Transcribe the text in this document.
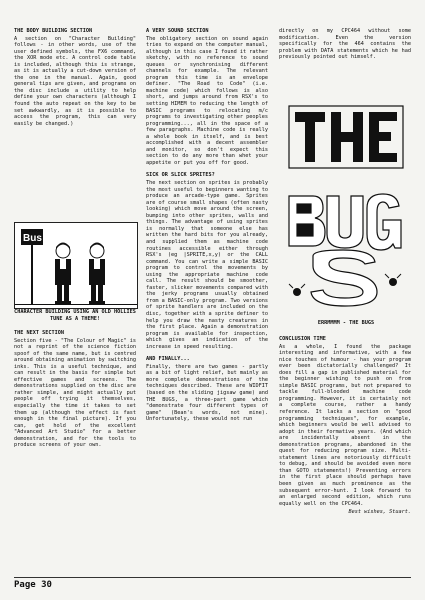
THE BODY BUILDING SECTION

A section on "Character Building" follows - in other words, use of the user defined symbols, the FX6 command, the XOR mode etc. A control code table is included, although this is strange, as it is actually a cut-down version of the one in the manual. Again, good general tips are given, and programs on the disc include a utility to help define your own characters (although I found the auto repeat on the key to be set awkwardly, as it is possible to access the program, this can very easily be changed.)

Bus
CHARACTER BUILDING USING AN OLD HOLLIES TUNE AS A THEME!

THE NEXT SECTION

Section five - "The Colour of Magic" is not a reprint of the science fiction spoof of the same name, but is centred around obtaining animation by switching inks. This is a useful technique, and can result in the basis for simple but effective games and screens. The demonstrations supplied on the disc are rather simple, and might actually put people off trying it themselves, especially the time it takes to set them up (although the effect is fast enough in the final picture). If you can, get hold of the excellent "Advanced Art Studio" for a better demonstration, and for the tools to produce screens of your own.

A VERY SOUND SECTION

The obligatory section on sound again tries to expand on the computer manual, although in this case I found it rather sketchy, with no reference to sound queues or synchronising different channels for example. The relevant program this time is an envelope definer. "The Road to Code" (i.e. machine code) which follows is also short, and jumps around from RSX's to setting HIMEM to reducing the length of BASIC programs to relocating m/c programs to investigating other peoples programming..., all in the space of a few paragraphs. Machine code is really a whole book in itself, and is best accomplished with a decent assembler and monitor, so don't expect this section to do any more than whet your appetite or put you off for good.

SICK OR SLICK SPRITES?

The next section on sprites is probably the most useful to beginners wanting to produce an arcade-type game. Sprites are of course small shapes (often nasty looking) which move around the screen, bumping into other sprites, walls and things. The advantage of using sprites is normally that someone else has written the hard bits for you already, and supplied them as machine code routines accessible either through RSX's (eg |SPRITE,x,y) or the CALL command. You can write a simple BASIC program to control the movements by using the appropriate machine code call. The result should be smoother, faster, slicker movements compared with the jerky programs usually obtained from a BASIC-only program. Two versions of sprite handlers are included on the disc, together with a sprite definer to help you draw the nasty creatures in the first place. Again a demonstration program is available for inspection, which gives an indication of the increase in speed resulting.

AND FINALLY...

Finally, there are two games - partly as a bit of light relief, but mainly as more complete demonstrations of the techniques described. These are WIDFIT (based on the sliding jigsaw game) and THE BUGS, a three-part game which "demonstrate four different types of game" (Bean's words, not mine). Unfortunately, these would not run

directly on my CPC464 without some modification. Even the version specifically for the 464 contains the problem with DATA statements which he had previously pointed out himself.

ERRMMMM - THE BUGS

CONCLUSION TIME

As a whole, I found the package interesting and informative, with a few nice touches of humour - has your program ever been dictatorially challenged? It does fill a gap in published material for the beginner wishing to push on from simple BASIC programs, but not prepared to tackle full-blooded machine code programming. However, it is certainly not a complete course, rather a handy reference. It lacks a section on "good programming techniques", for example, which beginners would be well advised to adopt in their formative years. (And which are incidentally absent in the demonstration programs, abandoned in the quest for reducing program size. Multi-statement lines are notoriously difficult to debug, and should be avoided even more than GOTO statements!) Preventing errors in the first place should perhaps have been given as much prominence as the subsequent error-hunt. I look forward to an enlarged second edition, which runs equally well on the CPC464.

Best wishes, Stuart.

Page 30
